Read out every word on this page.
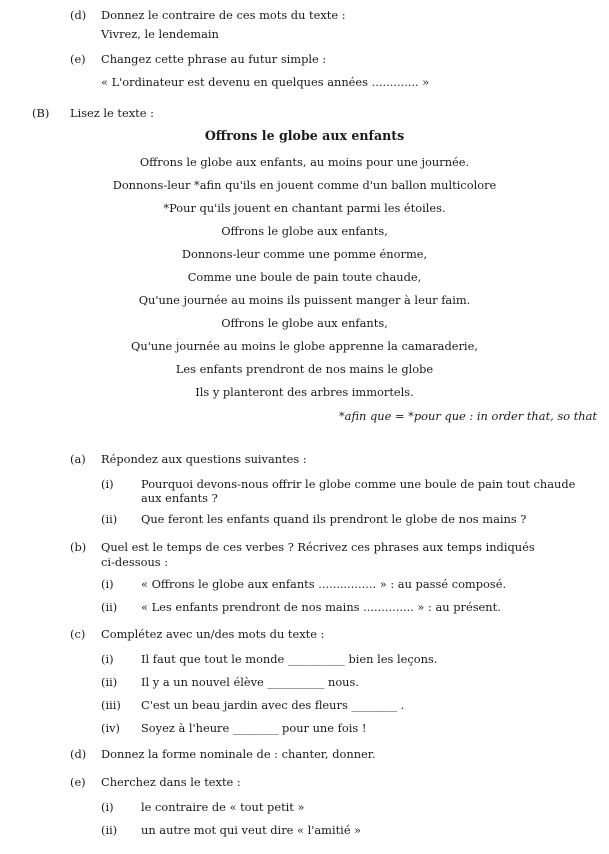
(d) Donnez le contraire de ces mots du texte :
Vivrez, le lendemain
(e) Changez cette phrase au futur simple :
« L'ordinateur est devenu en quelques années ............. »
(B) Lisez le texte :
Offrons le globe aux enfants
Offrons le globe aux enfants, au moins pour une journée.
Donnons-leur *afin qu'ils en jouent comme d'un ballon multicolore
*Pour qu'ils jouent en chantant parmi les étoiles.
Offrons le globe aux enfants,
Donnons-leur comme une pomme énorme,
Comme une boule de pain toute chaude,
Qu'une journée au moins ils puissent manger à leur faim.
Offrons le globe aux enfants,
Qu'une journée au moins le globe apprenne la camaraderie,
Les enfants prendront de nos mains le globe
Ils y planteront des arbres immortels.
*afin que = *pour que : in order that, so that
(a) Répondez aux questions suivantes :
(i) Pourquoi devons-nous offrir le globe comme une boule de pain tout chaude
aux enfants ?
(ii) Que feront les enfants quand ils prendront le globe de nos mains ?
(b) Quel est le temps de ces verbes ? Récrivez ces phrases aux temps indiqués
ci-dessous :
(i) « Offrons le globe aux enfants ................ » : au passé composé.
(ii) « Les enfants prendront de nos mains .............. » : au présent.
(c) Complétez avec un/des mots du texte :
(i) Il faut que tout le monde __________ bien les leçons.
(ii) Il y a un nouvel élève __________ nous.
(iii) C'est un beau jardin avec des fleurs ________ .
(iv) Soyez à l'heure ________ pour une fois !
(d) Donnez la forme nominale de : chanter, donner.
(e) Cherchez dans le texte :
(i) le contraire de « tout petit »
(ii) un autre mot qui veut dire « l'amitié »
